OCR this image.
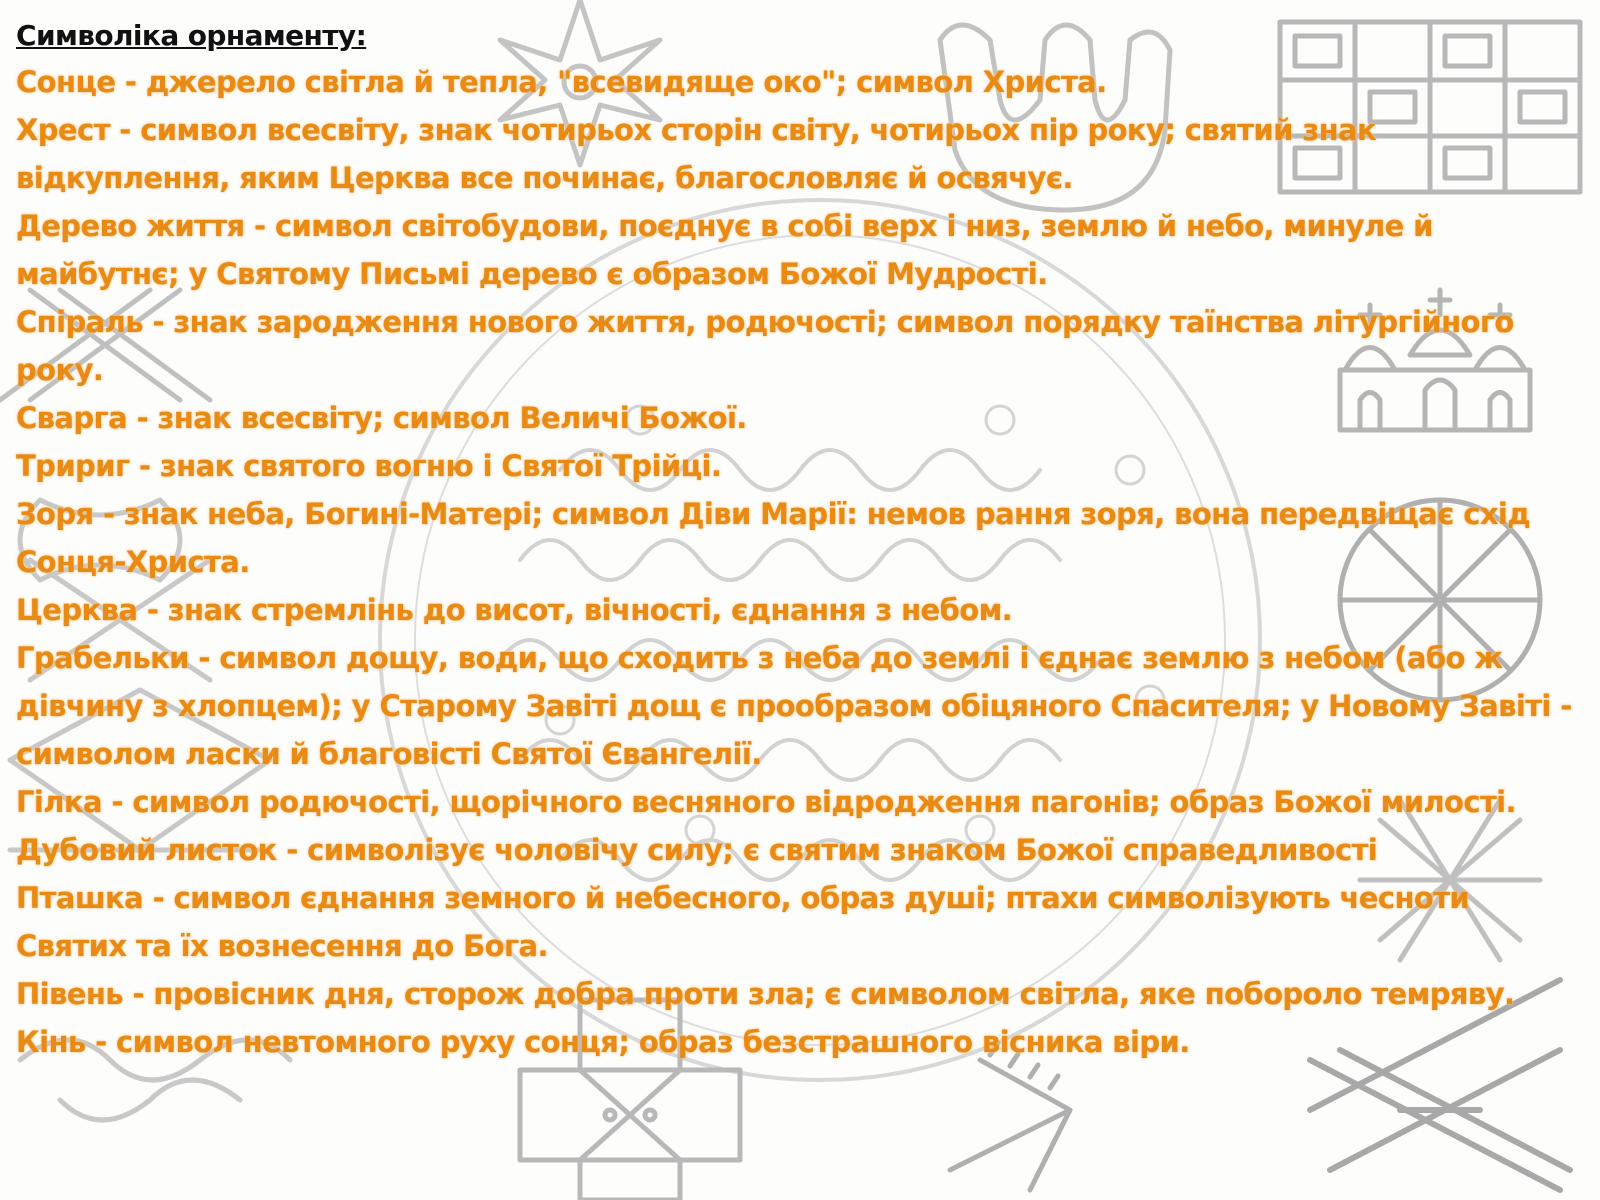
Символіка орнаменту:

Сонце - джерело світла й тепла, "всевидяще око"; символ Христа.

Хрест - символ всесвіту, знак чотирьох сторін світу, чотирьох пір року; святий знак відкуплення, яким Церква все починає, благословляє й освячує.

Дерево життя - символ світобудови, поєднує в собі верх і низ, землю й небо, минуле й майбутнє; у Святому Письмі дерево є образом Божої Мудрості.

Спіраль - знак зародження нового життя, родючості; символ порядку таїнства літургійного року.

Сварга - знак всесвіту; символ Величі Божої.

Тририг - знак святого вогню і Святої Трійці.

Зоря - знак неба, Богині-Матері; символ Діви Марії: немов рання зоря, вона передвіщає схід Сонця-Христа.

Церква - знак стремлінь до висот, вічності, єднання з небом.

Грабельки - символ дощу, води, що сходить з неба до землі і єднає землю з небом (або ж дівчину з хлопцем); у Старому Завіті дощ є прообразом обіцяного Спасителя; у Новому Завіті - символом ласки й благовісті Святої Євангелії.

Гілка - символ родючості, щорічного весняного відродження пагонів; образ Божої милості. Дубовий листок - символізує чоловічу силу; є святим знаком Божої справедливості

Пташка - символ єднання земного й небесного, образ душі; птахи символізують чесноти Святих та їх вознесення до Бога.

Півень - провісник дня, сторож добра проти зла; є символом світла, яке побороло темряву.

Кінь - символ невтомного руху сонця; образ безстрашного вісника віри.
